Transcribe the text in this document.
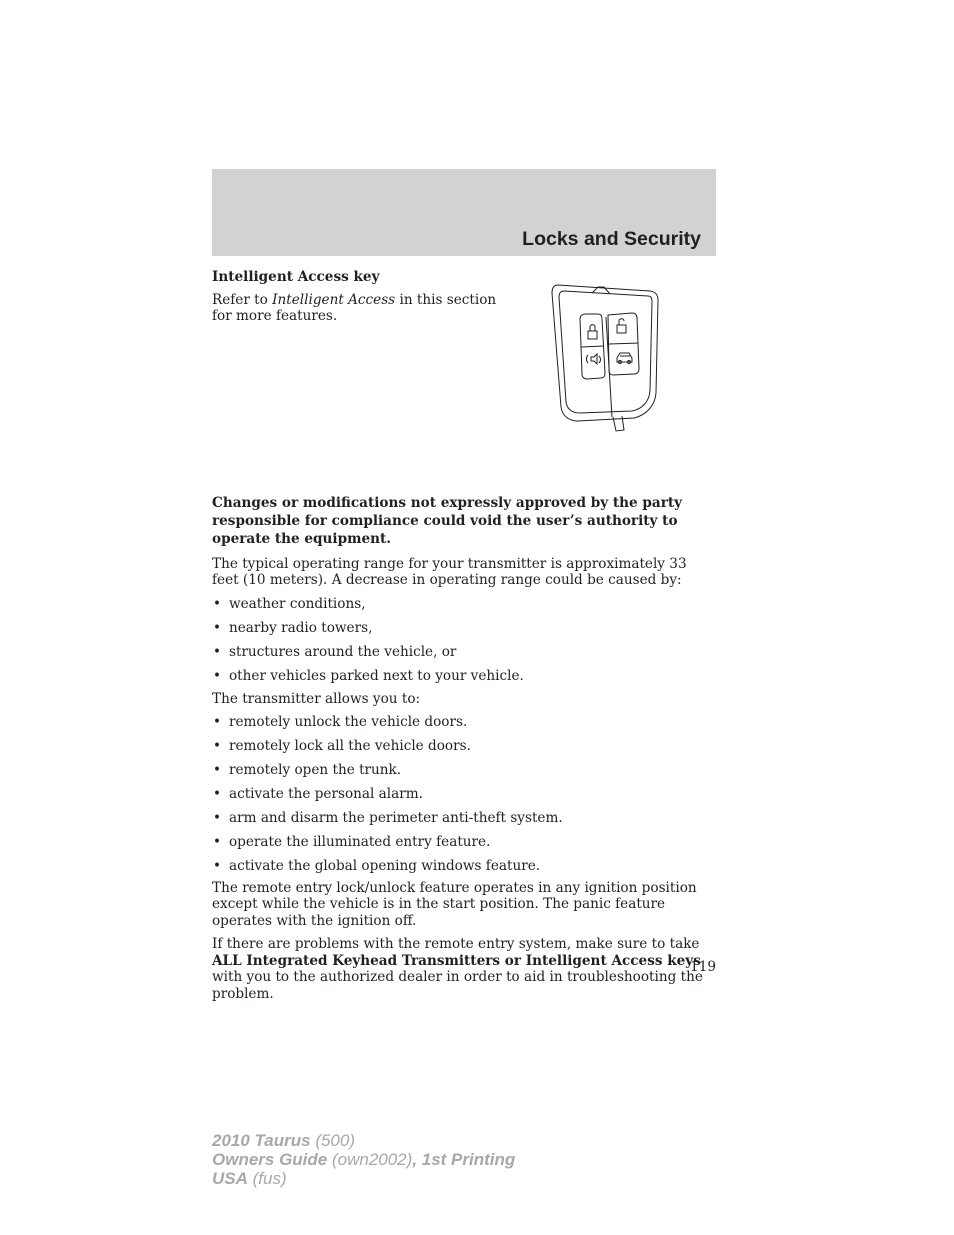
Locks and Security

Intelligent Access key

Refer to Intelligent Access in this section for more features.

Changes or modifications not expressly approved by the party responsible for compliance could void the user’s authority to operate the equipment.

The typical operating range for your transmitter is approximately 33 feet (10 meters). A decrease in operating range could be caused by:

• weather conditions,
• nearby radio towers,
• structures around the vehicle, or
• other vehicles parked next to your vehicle.

The transmitter allows you to:

• remotely unlock the vehicle doors.
• remotely lock all the vehicle doors.
• remotely open the trunk.
• activate the personal alarm.
• arm and disarm the perimeter anti-theft system.
• operate the illuminated entry feature.
• activate the global opening windows feature.

The remote entry lock/unlock feature operates in any ignition position except while the vehicle is in the start position. The panic feature operates with the ignition off.

If there are problems with the remote entry system, make sure to take ALL Integrated Keyhead Transmitters or Intelligent Access keys with you to the authorized dealer in order to aid in troubleshooting the problem.

119
2010 Taurus (500)
Owners Guide (own2002), 1st Printing
USA (fus)
